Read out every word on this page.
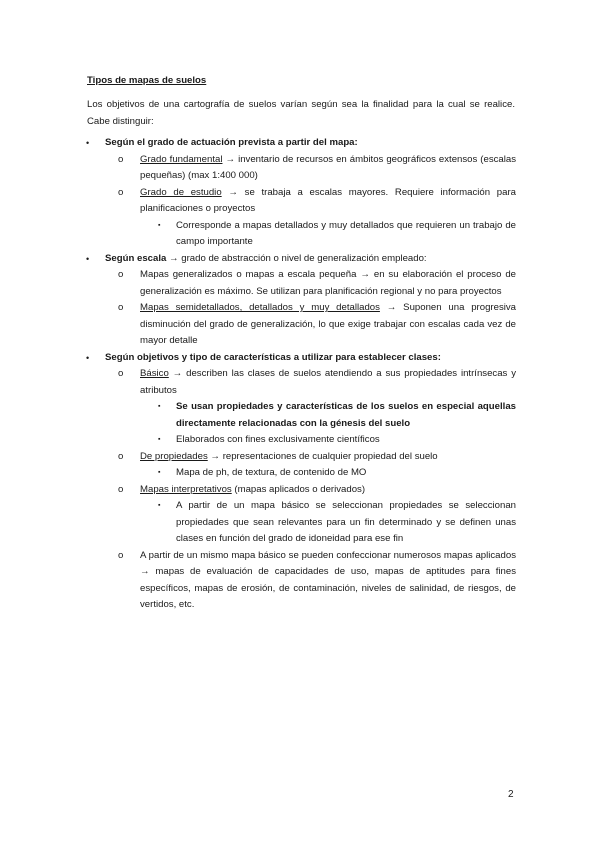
Tipos de mapas de suelos
Los objetivos de una cartografía de suelos varían según sea la finalidad para la cual se realice. Cabe distinguir:
• Según el grado de actuación prevista a partir del mapa:
o Grado fundamental → inventario de recursos en ámbitos geográficos extensos (escalas pequeñas) (max 1:400 000)
o Grado de estudio → se trabaja a escalas mayores. Requiere información para planificaciones o proyectos
▪ Corresponde a mapas detallados y muy detallados que requieren un trabajo de campo importante
• Según escala → grado de abstracción o nivel de generalización empleado:
o Mapas generalizados o mapas a escala pequeña → en su elaboración el proceso de generalización es máximo. Se utilizan para planificación regional y no para proyectos
o Mapas semidetallados, detallados y muy detallados → Suponen una progresiva disminución del grado de generalización, lo que exige trabajar con escalas cada vez de mayor detalle
• Según objetivos y tipo de características a utilizar para establecer clases:
o Básico → describen las clases de suelos atendiendo a sus propiedades intrínsecas y atributos
▪ Se usan propiedades y características de los suelos en especial aquellas directamente relacionadas con la génesis del suelo
▪ Elaborados con fines exclusivamente científicos
o De propiedades → representaciones de cualquier propiedad del suelo
▪ Mapa de ph, de textura, de contenido de MO
o Mapas interpretativos (mapas aplicados o derivados)
▪ A partir de un mapa básico se seleccionan propiedades se seleccionan propiedades que sean relevantes para un fin determinado y se definen unas clases en función del grado de idoneidad para ese fin
o A partir de un mismo mapa básico se pueden confeccionar numerosos mapas aplicados → mapas de evaluación de capacidades de uso, mapas de aptitudes para fines específicos, mapas de erosión, de contaminación, niveles de salinidad, de riesgos, de vertidos, etc.
2
